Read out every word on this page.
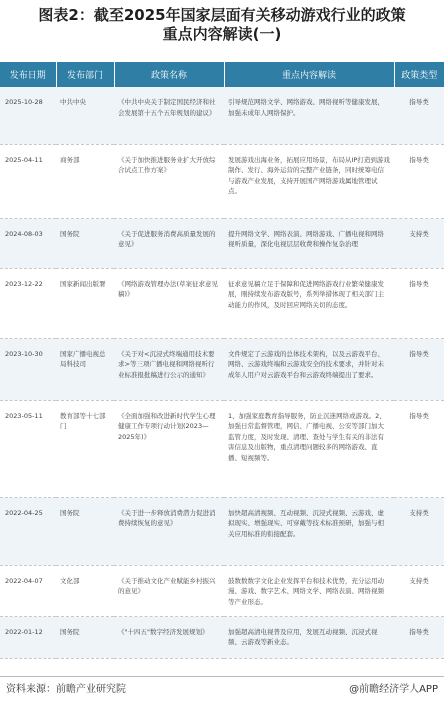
图表2：截至2025年国家层面有关移动游戏行业的政策
重点内容解读(一)
发布日期	发布部门	政策名称	重点内容解读	政策类型
2025-10-28	中共中央	《中共中央关于制定国民经济和社会发展第十五个五年规划的建议》	引导规范网络文学、网络游戏、网络视听等健康发展，加强未成年人网络保护。	指导类
2025-04-11	商务部	《关于加快推进服务业扩大开放综合试点工作方案》	发展游戏出海业务，拓展应用场景，布局从IP打造到游戏制作、发行、海外运营的完整产业链条，同时统筹电信与游戏产业发展，支持开展国产网络游戏属地管理试点。	指导类
2024-08-03	国务院	《关于促进服务消费高质量发展的意见》	提升网络文学、网络表演、网络游戏、广播电视和网络视听质量，深化电视层层收费和操作复杂治理	支持类
2023-12-22	国家新闻出版署	《网络游戏管理办法(草案征求意见稿)》	征求意见稿立足于保障和促进网络游戏行业繁荣健康发展，刚持续发布游戏版号，系列举措体现了相关部门主动能力的作风，及时回应网络关切的态度。	指导类
2023-10-30	国家广播电视总局科技司	《关于对<沉浸式终端通用技术要求>等三项广播电视和网络视听行业标准报批稿进行公示的通知》	文件规定了云游戏的总体技术架构，以及云游戏平台、网络、云游戏终端和云游戏安全的技术要求，并针对未成年人用户对云游戏平台和云游戏终端提出了要求。	指导类
2023-05-11	教育部等十七部门	《全面加强和改进新时代学生心理健康工作专项行动计划(2023—2025年)》	1、加强家庭教育指导服务，防止沉迷网络或游戏。2、加强日常监督管理，网信、广播电视、公安等部门加大监管力度，及时发现、清理、查处与学生有关的非法有害信息及出版物，重点清理问题较多的网络游戏、直播、短视频等。	指导类
2022-04-25	国务院	《关于进一步释放消费潜力促进消费持续恢复的意见》	加快超高清视频、互动视频、沉浸式视频、云游戏、虚拟现实、增强现实、可穿戴等技术标准预研，加强与相关应用标准的衔接配套。	支持类
2022-04-07	文化部	《关于推动文化产业赋能乡村振兴的意见》	鼓数数数字文化企业发挥平台和技术优势，充分运用动漫、游戏、数字艺术、网络文学、网络表演、网络视频等产业形态。	支持类
2022-01-12	国务院	《"十四五"数字经济发展规划》	加强超高清电视普及应用，发展互动视频、沉浸式视频、云游戏等新业态。	指导类
资料来源：前瞻产业研究院	@前瞻经济学人APP
